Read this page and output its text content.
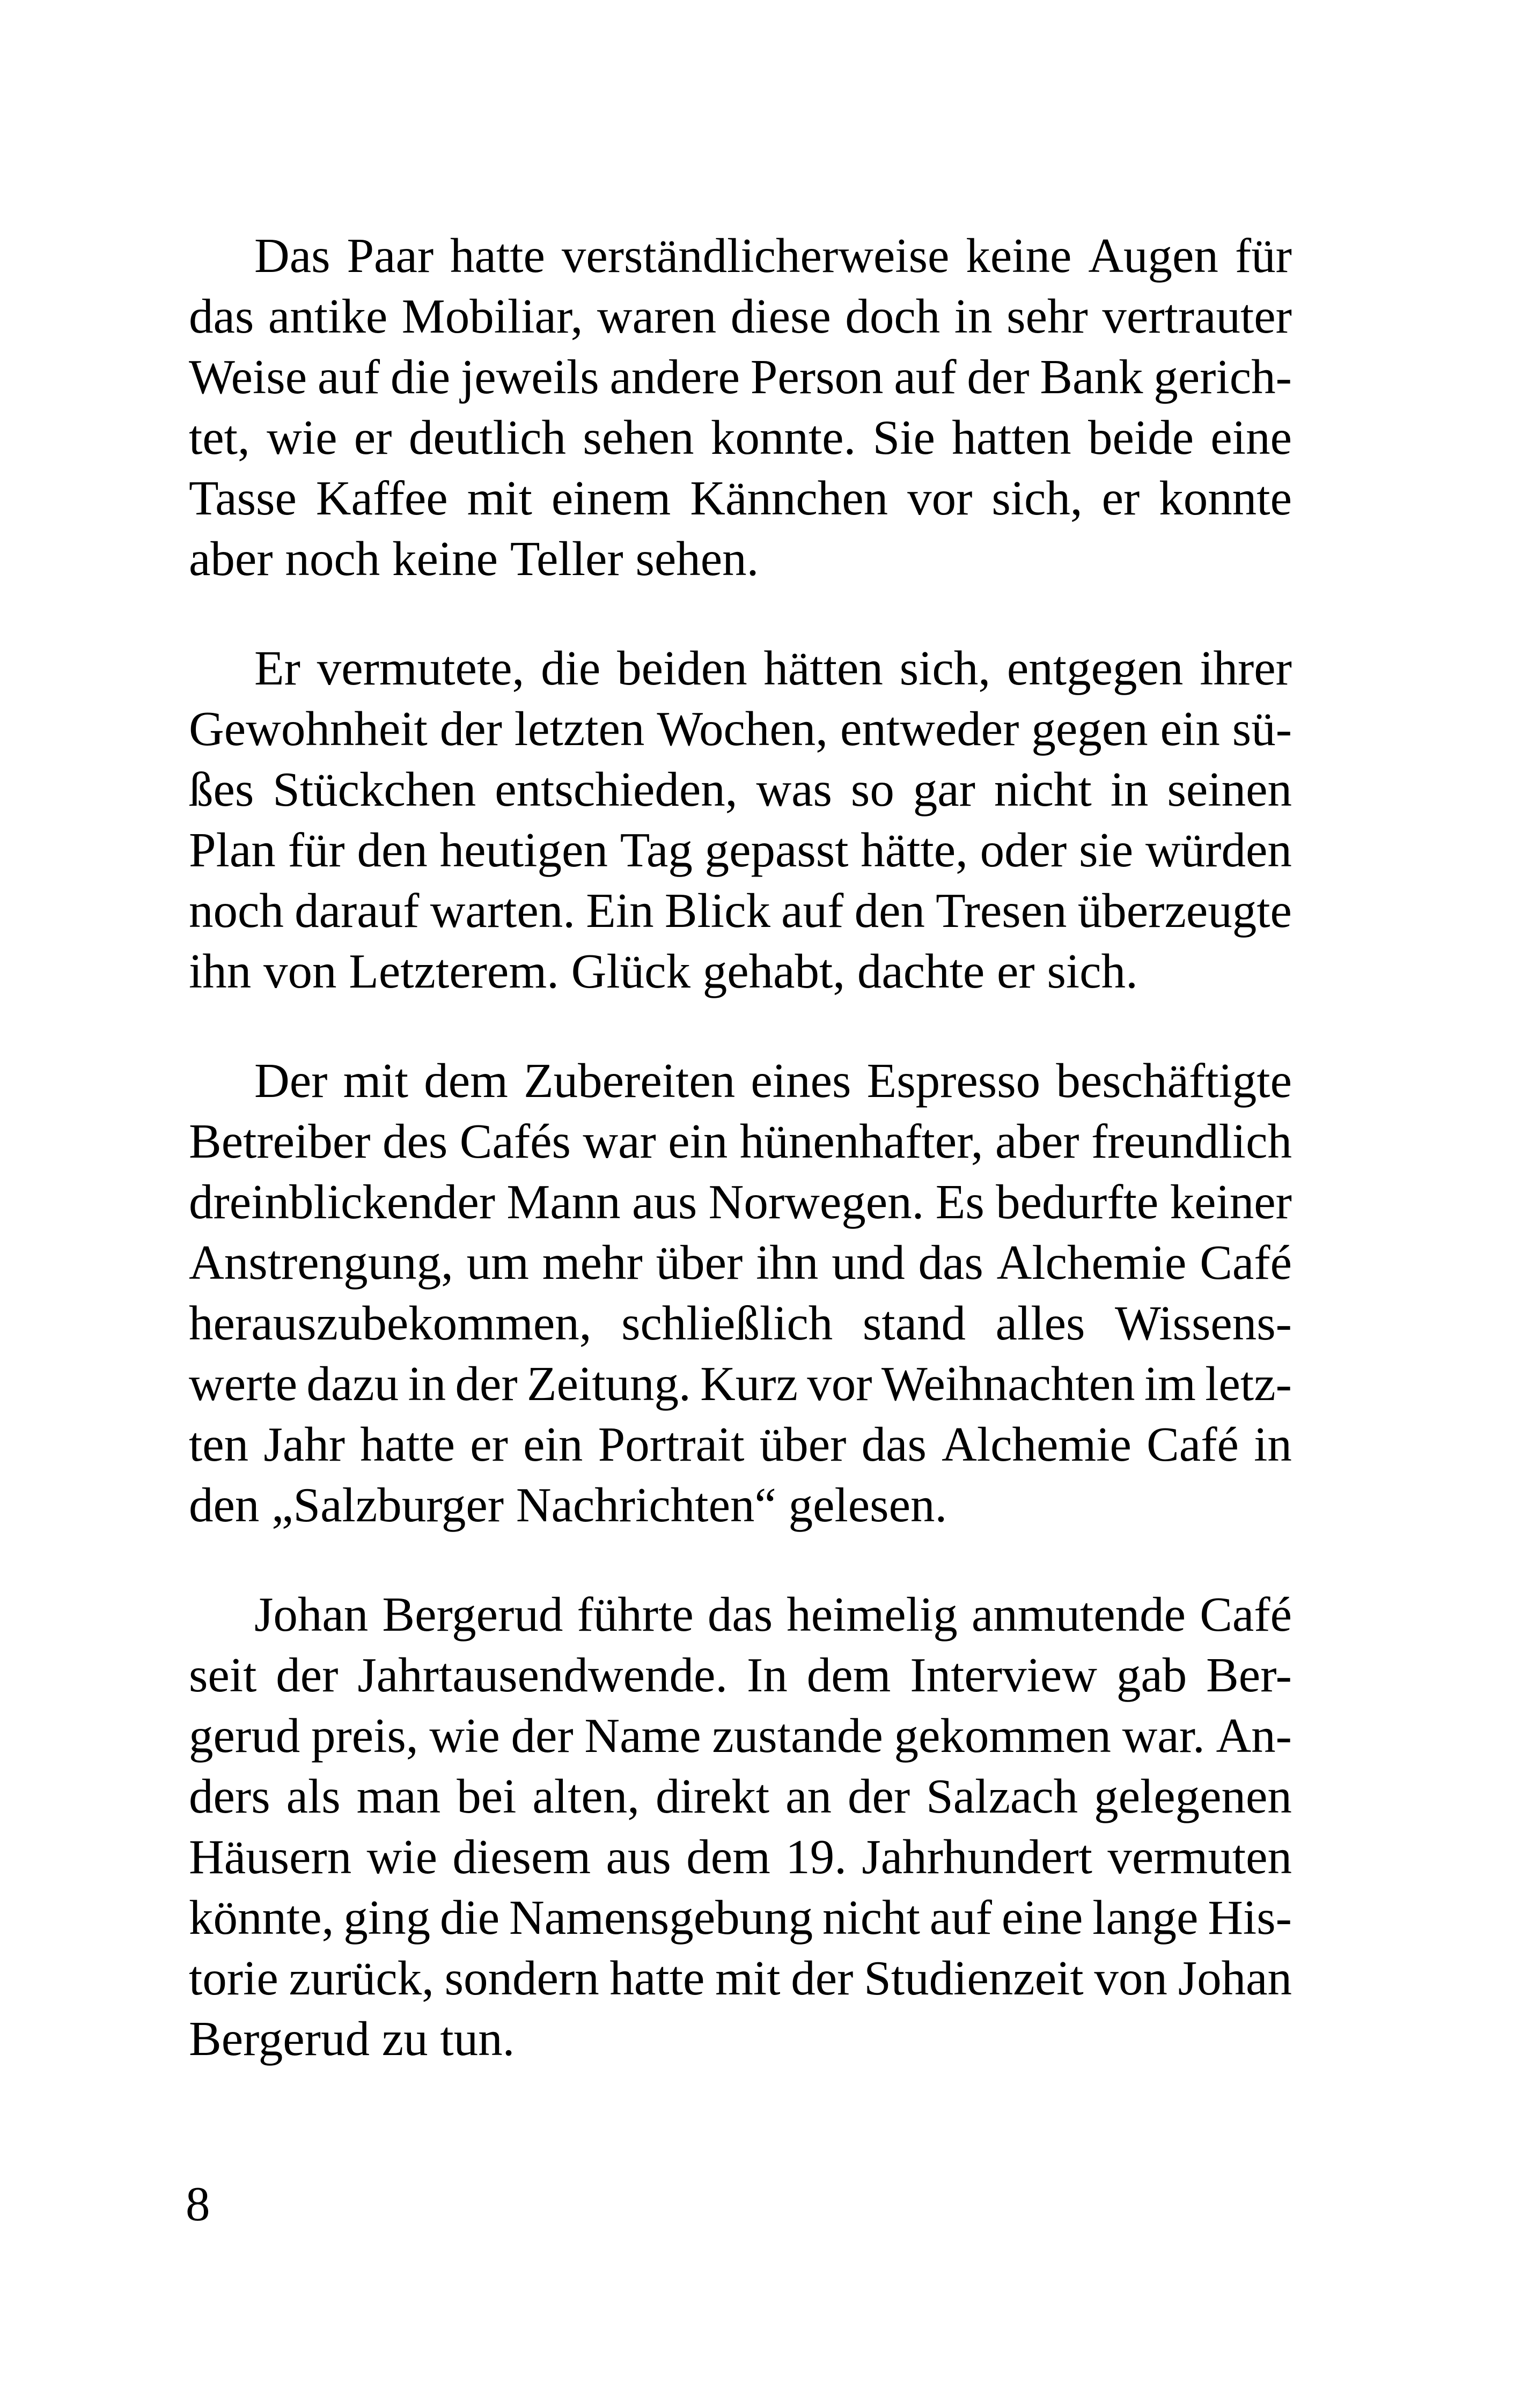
Das Paar hatte verständlicherweise keine Augen für
das antike Mobiliar, waren diese doch in sehr vertrauter
Weise auf die jeweils andere Person auf der Bank gerich-
tet, wie er deutlich sehen konnte. Sie hatten beide eine
Tasse Kaffee mit einem Kännchen vor sich, er konnte
aber noch keine Teller sehen.
Er vermutete, die beiden hätten sich, entgegen ihrer
Gewohnheit der letzten Wochen, entweder gegen ein sü-
ßes Stückchen entschieden, was so gar nicht in seinen
Plan für den heutigen Tag gepasst hätte, oder sie würden
noch darauf warten. Ein Blick auf den Tresen überzeugte
ihn von Letzterem. Glück gehabt, dachte er sich.
Der mit dem Zubereiten eines Espresso beschäftigte
Betreiber des Cafés war ein hünenhafter, aber freundlich
dreinblickender Mann aus Norwegen. Es bedurfte keiner
Anstrengung, um mehr über ihn und das Alchemie Café
herauszubekommen, schließlich stand alles Wissens-
werte dazu in der Zeitung. Kurz vor Weihnachten im letz-
ten Jahr hatte er ein Portrait über das Alchemie Café in
den „Salzburger Nachrichten“ gelesen.
Johan Bergerud führte das heimelig anmutende Café
seit der Jahrtausendwende. In dem Interview gab Ber-
gerud preis, wie der Name zustande gekommen war. An-
ders als man bei alten, direkt an der Salzach gelegenen
Häusern wie diesem aus dem 19. Jahrhundert vermuten
könnte, ging die Namensgebung nicht auf eine lange His-
torie zurück, sondern hatte mit der Studienzeit von Johan
Bergerud zu tun.
8
